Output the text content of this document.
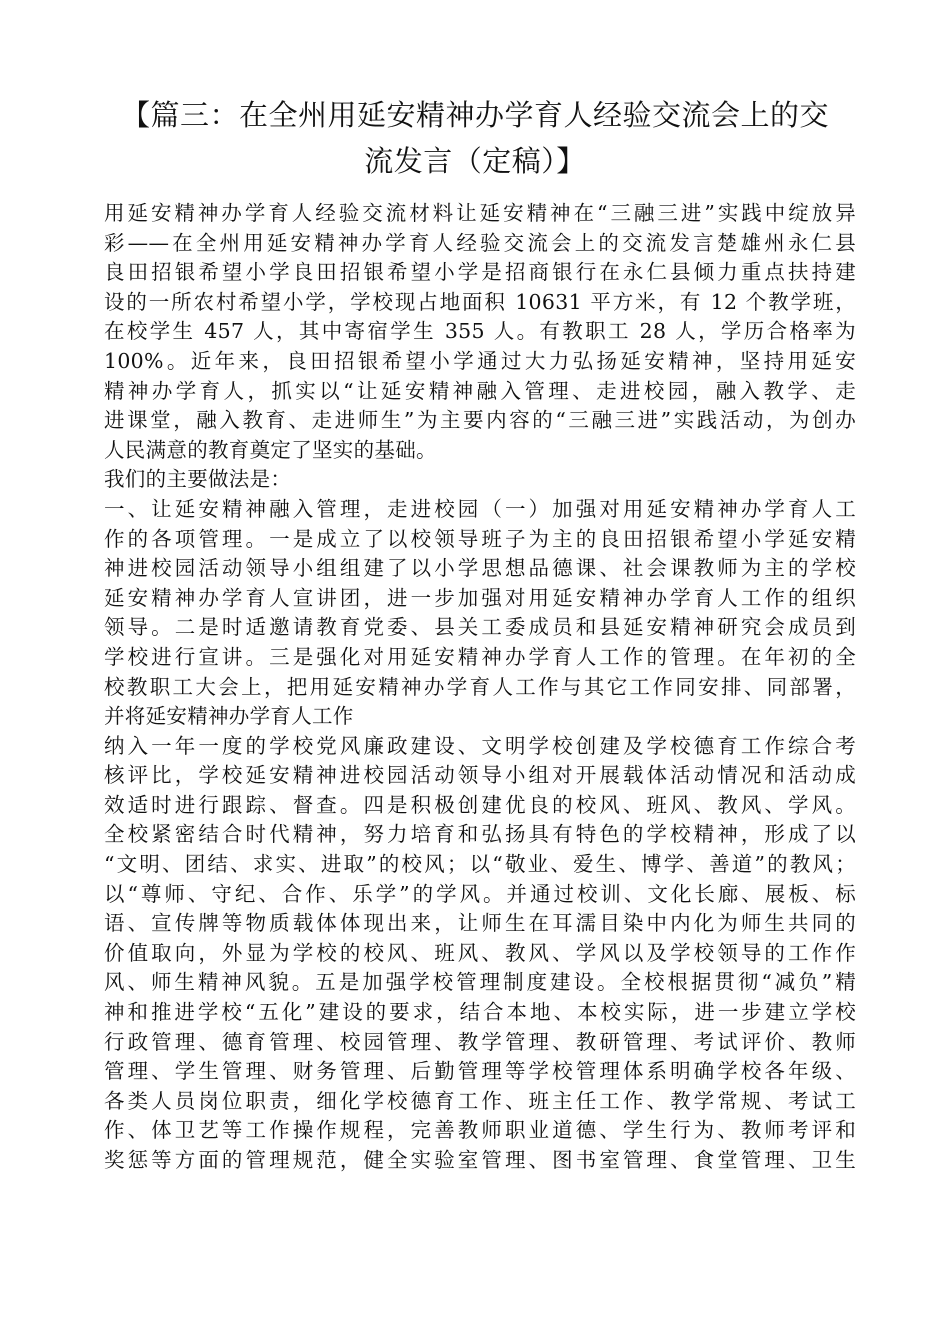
【篇三：在全州用延安精神办学育人经验交流会上的交
流发言（定稿）】
用延安精神办学育人经验交流材料让延安精神在“三融三进”实践中绽放异
彩——在全州用延安精神办学育人经验交流会上的交流发言楚雄州永仁县
良田招银希望小学良田招银希望小学是招商银行在永仁县倾力重点扶持建
设的一所农村希望小学，学校现占地面积 10631 平方米，有 12 个教学班，
在校学生 457 人，其中寄宿学生 355 人。有教职工 28 人，学历合格率为
100%。近年来，良田招银希望小学通过大力弘扬延安精神，坚持用延安
精神办学育人，抓实以“让延安精神融入管理、走进校园，融入教学、走
进课堂，融入教育、走进师生”为主要内容的“三融三进”实践活动，为创办
人民满意的教育奠定了坚实的基础。
我们的主要做法是：
一、让延安精神融入管理，走进校园（一）加强对用延安精神办学育人工
作的各项管理。一是成立了以校领导班子为主的良田招银希望小学延安精
神进校园活动领导小组组建了以小学思想品德课、社会课教师为主的学校
延安精神办学育人宣讲团，进一步加强对用延安精神办学育人工作的组织
领导。二是时适邀请教育党委、县关工委成员和县延安精神研究会成员到
学校进行宣讲。三是强化对用延安精神办学育人工作的管理。在年初的全
校教职工大会上，把用延安精神办学育人工作与其它工作同安排、同部署，
并将延安精神办学育人工作
纳入一年一度的学校党风廉政建设、文明学校创建及学校德育工作综合考
核评比，学校延安精神进校园活动领导小组对开展载体活动情况和活动成
效适时进行跟踪、督查。四是积极创建优良的校风、班风、教风、学风。
全校紧密结合时代精神，努力培育和弘扬具有特色的学校精神，形成了以
“文明、团结、求实、进取”的校风；以“敬业、爱生、博学、善道”的教风；
以“尊师、守纪、合作、乐学”的学风。并通过校训、文化长廊、展板、标
语、宣传牌等物质载体体现出来，让师生在耳濡目染中内化为师生共同的
价值取向，外显为学校的校风、班风、教风、学风以及学校领导的工作作
风、师生精神风貌。五是加强学校管理制度建设。全校根据贯彻“减负”精
神和推进学校“五化”建设的要求，结合本地、本校实际，进一步建立学校
行政管理、德育管理、校园管理、教学管理、教研管理、考试评价、教师
管理、学生管理、财务管理、后勤管理等学校管理体系明确学校各年级、
各类人员岗位职责，细化学校德育工作、班主任工作、教学常规、考试工
作、体卫艺等工作操作规程，完善教师职业道德、学生行为、教师考评和
奖惩等方面的管理规范，健全实验室管理、图书室管理、食堂管理、卫生
